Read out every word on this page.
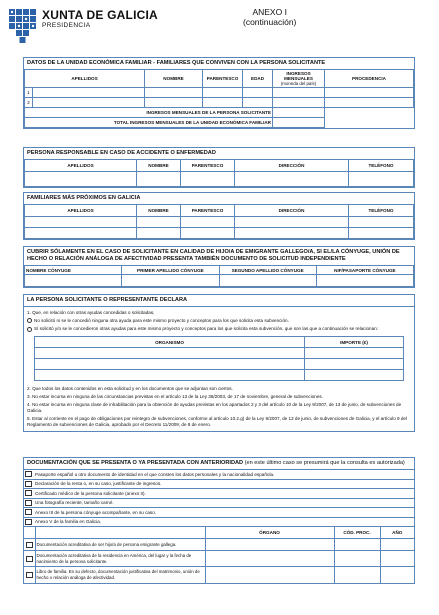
XUNTA DE GALICIA
PRESIDENCIA
ANEXO I
(continuación)
DATOS DE LA UNIDAD ECONÓMICA FAMILIAR - FAMILIARES QUE CONVIVEN CON LA PERSONA SOLICITANTE
APELLIDOS		NOMBRE	PARENTESCO	EDAD	INGRESOS MENSUALES
(moneda del país)	PROCEDENCIA
1						
2						
INGRESOS MENSUALES DE LA PERSONA SOLICITANTE						
TOTAL INGRESOS MENSUALES DE LA UNIDAD ECONÓMICA FAMILIAR						
PERSONA RESPONSABLE EN CASO DE ACCIDENTE O ENFERMEDAD
APELLIDOS	NOMBRE	PARENTESCO	DIRECCIÓN	TELÉFONO

FAMILIARES MÁS PRÓXIMOS EN GALICIA
APELLIDOS	NOMBRE	PARENTESCO	DIRECCIÓN	TELÉFONO

CUBRIR SÓLAMENTE EN EL CASO DE SOLICITANTE EN CALIDAD DE HIJO/A DE EMIGRANTE GALLEGO/A, SI EL/LA CÓNYUGE, UNIÓN DE HECHO O RELACIÓN ANÁLOGA DE AFECTIVIDAD PRESENTA TAMBIÉN DOCUMENTO DE SOLICITUD INDEPENDIENTE
NOMBRE CÓNYUGE	PRIMER APELLIDO CÓNYUGE	SEGUNDO APELLIDO CÓNYUGE	NIF/PASAPORTE CÓNYUGE

LA PERSONA SOLICITANTE O REPRESENTANTE DECLARA
1. Que, en relación con otras ayudas concedidas o solicitadas,
No solicitó ni se le concedió ninguna otra ayuda para este mismo proyecto y conceptos para los que solicita esta subvención.
Sí solicitó y/o se le concedieron otras ayudas para este mismo proyecto y conceptos para los que solicita esta subvención, que son las que a continuación se relacionan:
ORGANISMO	IMPORTE (€)

2. Que todos los datos contenidos en esta solicitud y en los documentos que se adjuntan son ciertos.
3. No estar incursa en ninguna de las circunstancias previstas en el artículo 13 de la Ley 38/2003, de 17 de noviembre, general de subvenciones.
4. No estar incursa en ninguna clase de inhabilitación para la obtención de ayudas previstas en los apartados 2 y 3 del artículo 10 de la Ley 9/2007, de 13 de junio, de subvenciones de Galicia.
5. Estar al corriente en el pago de obligaciones por reintegro de subvenciones, conforme al artículo 10.2.g) de la Ley 9/2007, de 13 de junio, de subvenciones de Galicia, y el artículo 9 del Reglamento de subvenciones de Galicia, aprobado por el Decreto 11/2009, de 8 de enero.
DOCUMENTACIÓN QUE SE PRESENTA O YA PRESENTADA CON ANTERIORIDAD (en este último caso se presumirá que la consulta es autorizada)
Pasaporte español u otro documento de identidad en el que consten los datos personales y la nacionalidad española.
Declaración de la renta o, en su caso, justificante de ingresos.
Certificado médico de la persona solicitante (anexo II).
Una fotografía reciente, tamaño carné.
Anexo III de la persona cónyuge acompañante, en su caso.
Anexo V de la familia en Galicia.
		ÓRGANO	CÓD. PROC.	AÑO
	Documentación acreditativa de ser hijo/a de persona emigrante gallega.			
	Documentación acreditativa de la residencia en América, del lugar y la fecha de nacimiento de la persona solicitante.			
	Libro de familia. En su defecto, documentación justificativa del matrimonio, unión de hecho o relación análoga de afectividad.			
